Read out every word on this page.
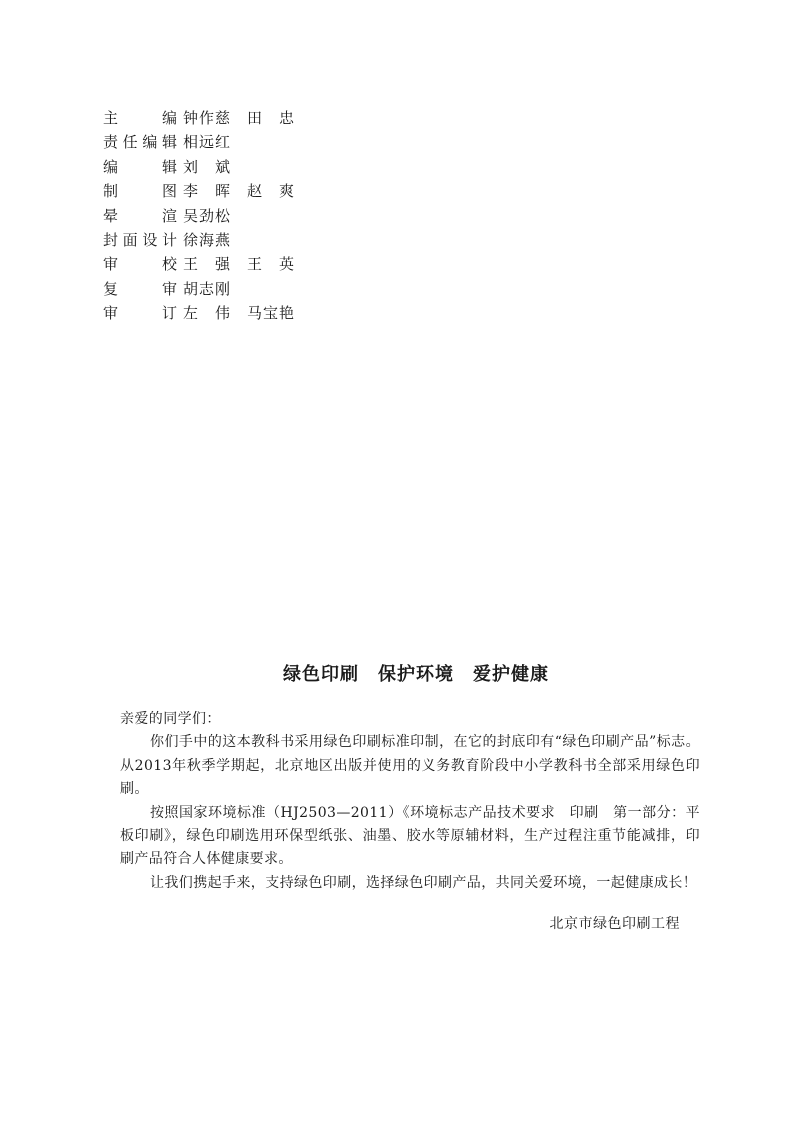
主	编 钟作慈　田　忠
责 任 编 辑 相远红
编	辑 刘　斌
制	图 李　晖　赵　爽
晕	渲 吴劲松
封 面 设 计 徐海燕
审	校 王　强　王　英
复	审 胡志刚
审	订 左　伟　马宝艳
绿色印刷　保护环境　爱护健康

亲爱的同学们：

你们手中的这本教科书采用绿色印刷标准印制，在它的封底印有“绿色印刷产品”标志。从2013年秋季学期起，北京地区出版并使用的义务教育阶段中小学教科书全部采用绿色印刷。

按照国家环境标准（HJ2503—2011）《环境标志产品技术要求　印刷　第一部分：平板印刷》，绿色印刷选用环保型纸张、油墨、胶水等原辅材料，生产过程注重节能减排，印刷产品符合人体健康要求。

让我们携起手来，支持绿色印刷，选择绿色印刷产品，共同关爱环境，一起健康成长！

北京市绿色印刷工程
